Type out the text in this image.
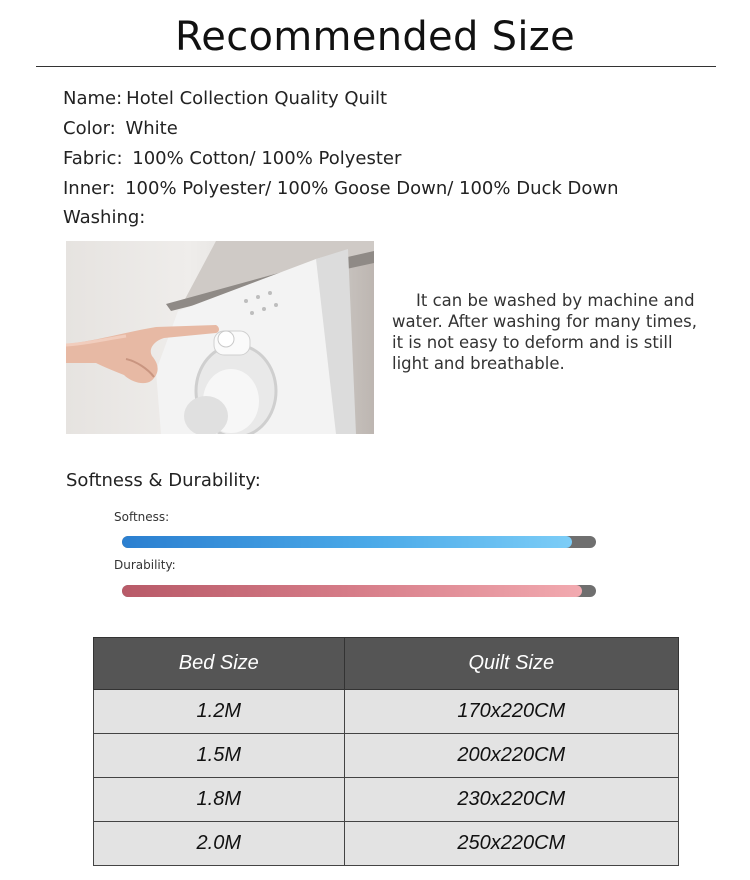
Recommended Size
Name: Hotel Collection Quality Quilt
Color: White
Fabric: 100% Cotton/ 100% Polyester
Inner: 100% Polyester/ 100% Goose Down/ 100% Duck Down
Washing:
It can be washed by machine and water. After washing for many times, it is not easy to deform and is still light and breathable.
Softness & Durability:
Softness:
Durability:
Bed Size	Quilt Size
1.2M	170x220CM
1.5M	200x220CM
1.8M	230x220CM
2.0M	250x220CM
